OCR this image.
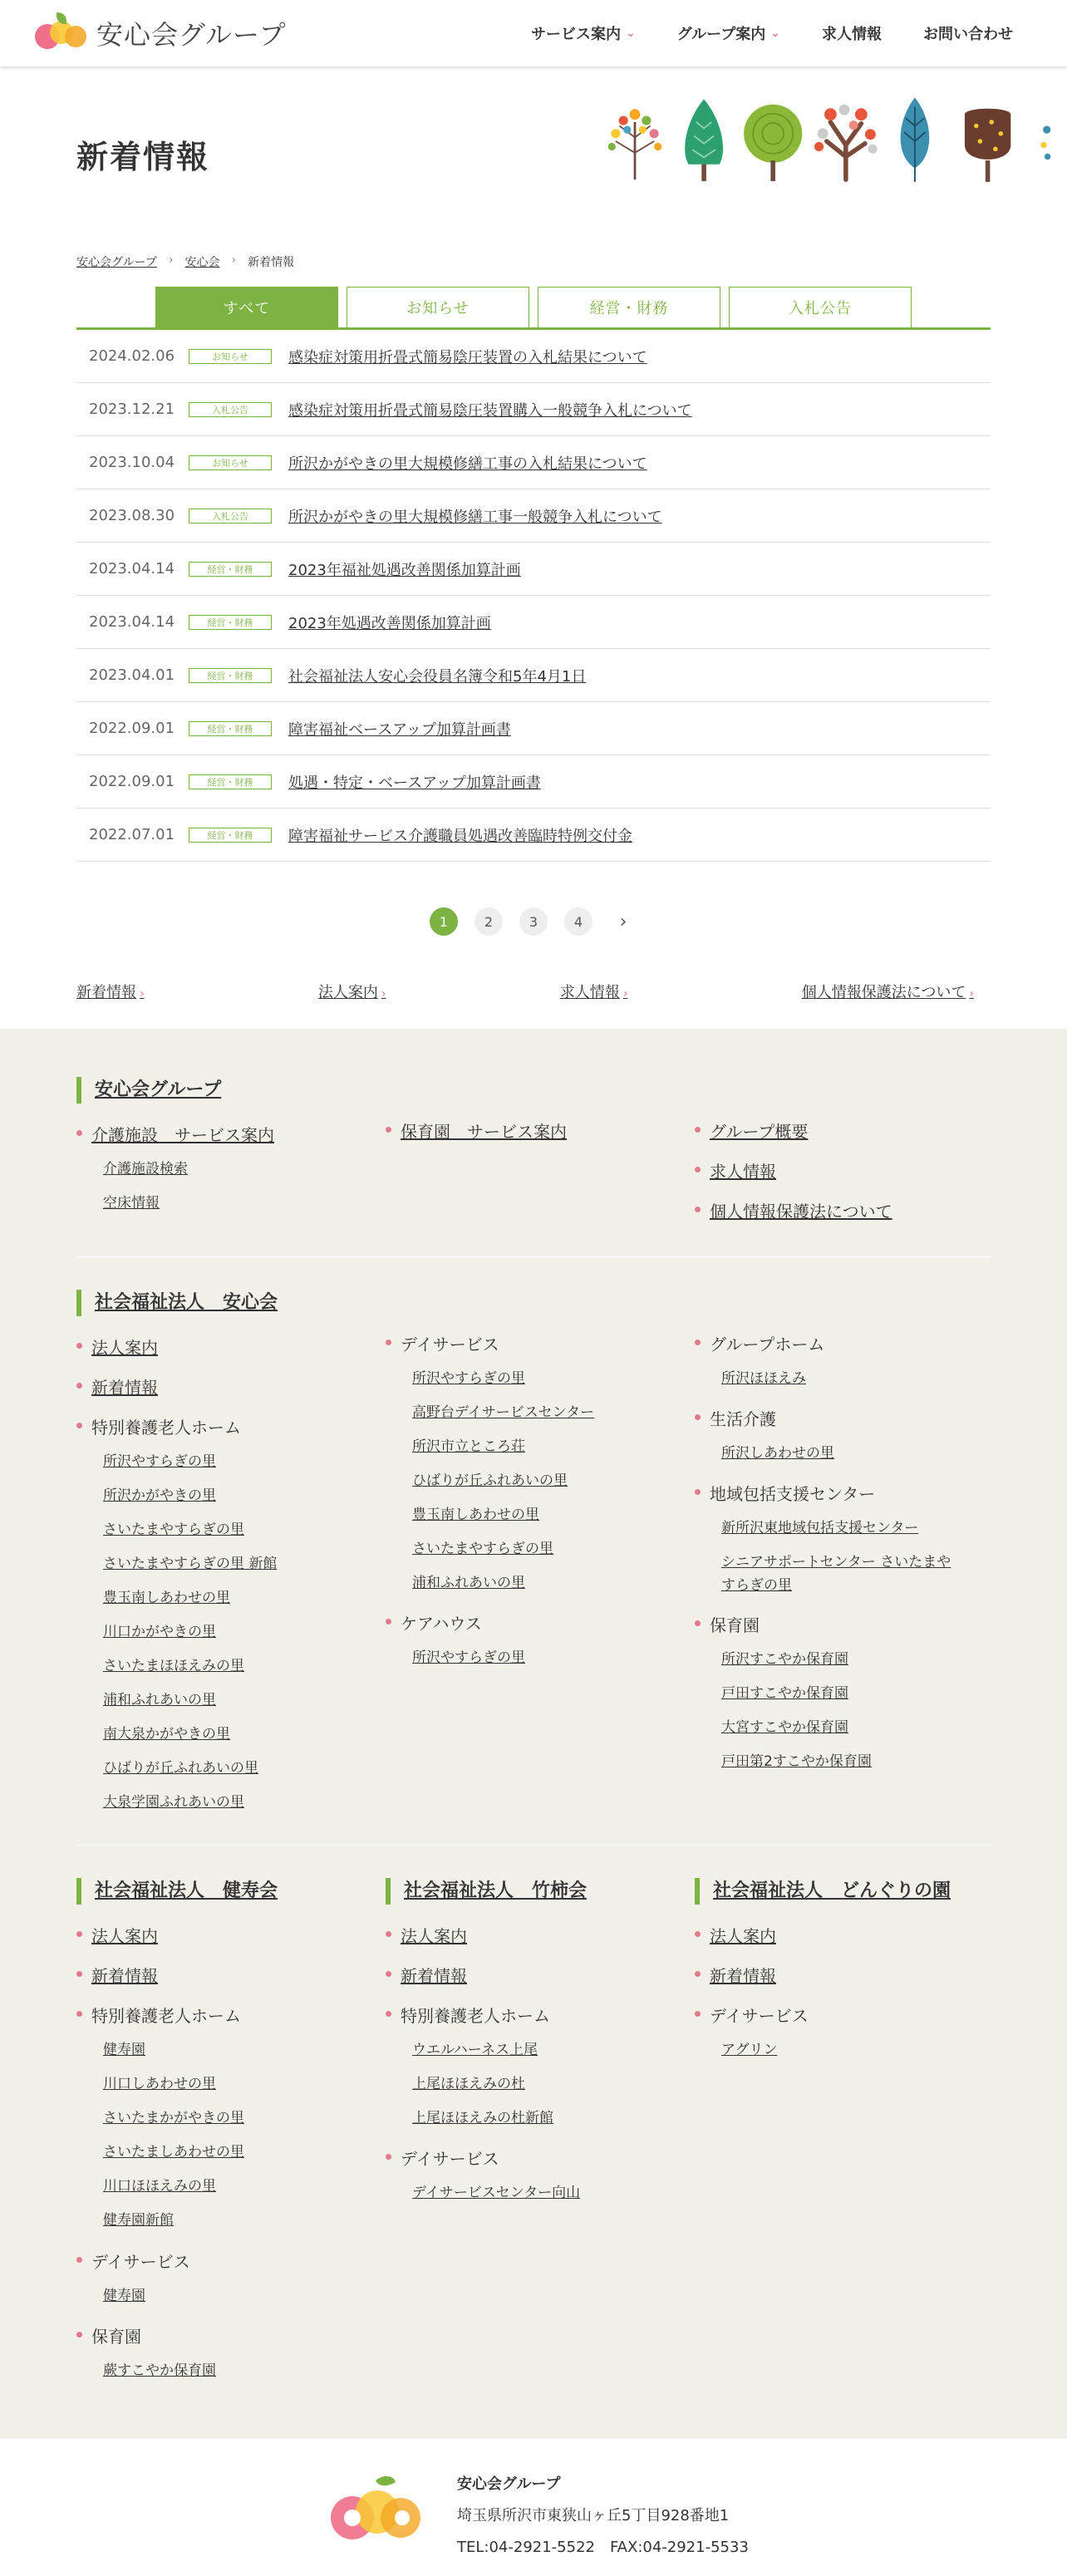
安心会グループ	サービス案内 ⌄	グループ案内 ⌄	求人情報	お問い合わせ
新着情報
安心会グループ › 安心会 › 新着情報
すべて	お知らせ	経営・財務	入札公告
2024.02.06	お知らせ	感染症対策用折畳式簡易陰圧装置の入札結果について
2023.12.21	入札公告	感染症対策用折畳式簡易陰圧装置購入一般競争入札について
2023.10.04	お知らせ	所沢かがやきの里大規模修繕工事の入札結果について
2023.08.30	入札公告	所沢かがやきの里大規模修繕工事一般競争入札について
2023.04.14	経営・財務	2023年福祉処遇改善関係加算計画
2023.04.14	経営・財務	2023年処遇改善関係加算計画
2023.04.01	経営・財務	社会福祉法人安心会役員名簿令和5年4月1日
2022.09.01	経営・財務	障害福祉ベースアップ加算計画書
2022.09.01	経営・財務	処遇・特定・ベースアップ加算計画書
2022.07.01	経営・財務	障害福祉サービス介護職員処遇改善臨時特例交付金
1	2	3	4	›
新着情報 ›	法人案内 ›	求人情報 ›	個人情報保護法について ›
安心会グループ
介護施設　サービス案内
介護施設検索
空床情報
保育園　サービス案内	グループ概要
求人情報
個人情報保護法について
社会福祉法人　安心会
法人案内
新着情報
特別養護老人ホーム
所沢やすらぎの里
所沢かがやきの里
さいたまやすらぎの里
さいたまやすらぎの里 新館
豊玉南しあわせの里
川口かがやきの里
さいたまほほえみの里
浦和ふれあいの里
南大泉かがやきの里
ひばりが丘ふれあいの里
大泉学園ふれあいの里
デイサービス
所沢やすらぎの里
高野台デイサービスセンター
所沢市立ところ荘
ひばりが丘ふれあいの里
豊玉南しあわせの里
さいたまやすらぎの里
浦和ふれあいの里
ケアハウス
所沢やすらぎの里
グループホーム
所沢ほほえみ
生活介護
所沢しあわせの里
地域包括支援センター
新所沢東地域包括支援センター
シニアサポートセンター さいたまや
すらぎの里
保育園
所沢すこやか保育園
戸田すこやか保育園
大宮すこやか保育園
戸田第2すこやか保育園
社会福祉法人　健寿会
法人案内
新着情報
特別養護老人ホーム
健寿園
川口しあわせの里
さいたまかがやきの里
さいたましあわせの里
川口ほほえみの里
健寿園新館
デイサービス
健寿園
保育園
蕨すこやか保育園
社会福祉法人　竹柿会
法人案内
新着情報
特別養護老人ホーム
ウエルハーネス上尾
上尾ほほえみの杜
上尾ほほえみの杜新館
デイサービス
デイサービスセンター向山
社会福祉法人　どんぐりの園
法人案内
新着情報
デイサービス
アグリン
安心会グループ
埼玉県所沢市東狭山ヶ丘5丁目928番地1
TEL:04-2921-5522　FAX:04-2921-5533
